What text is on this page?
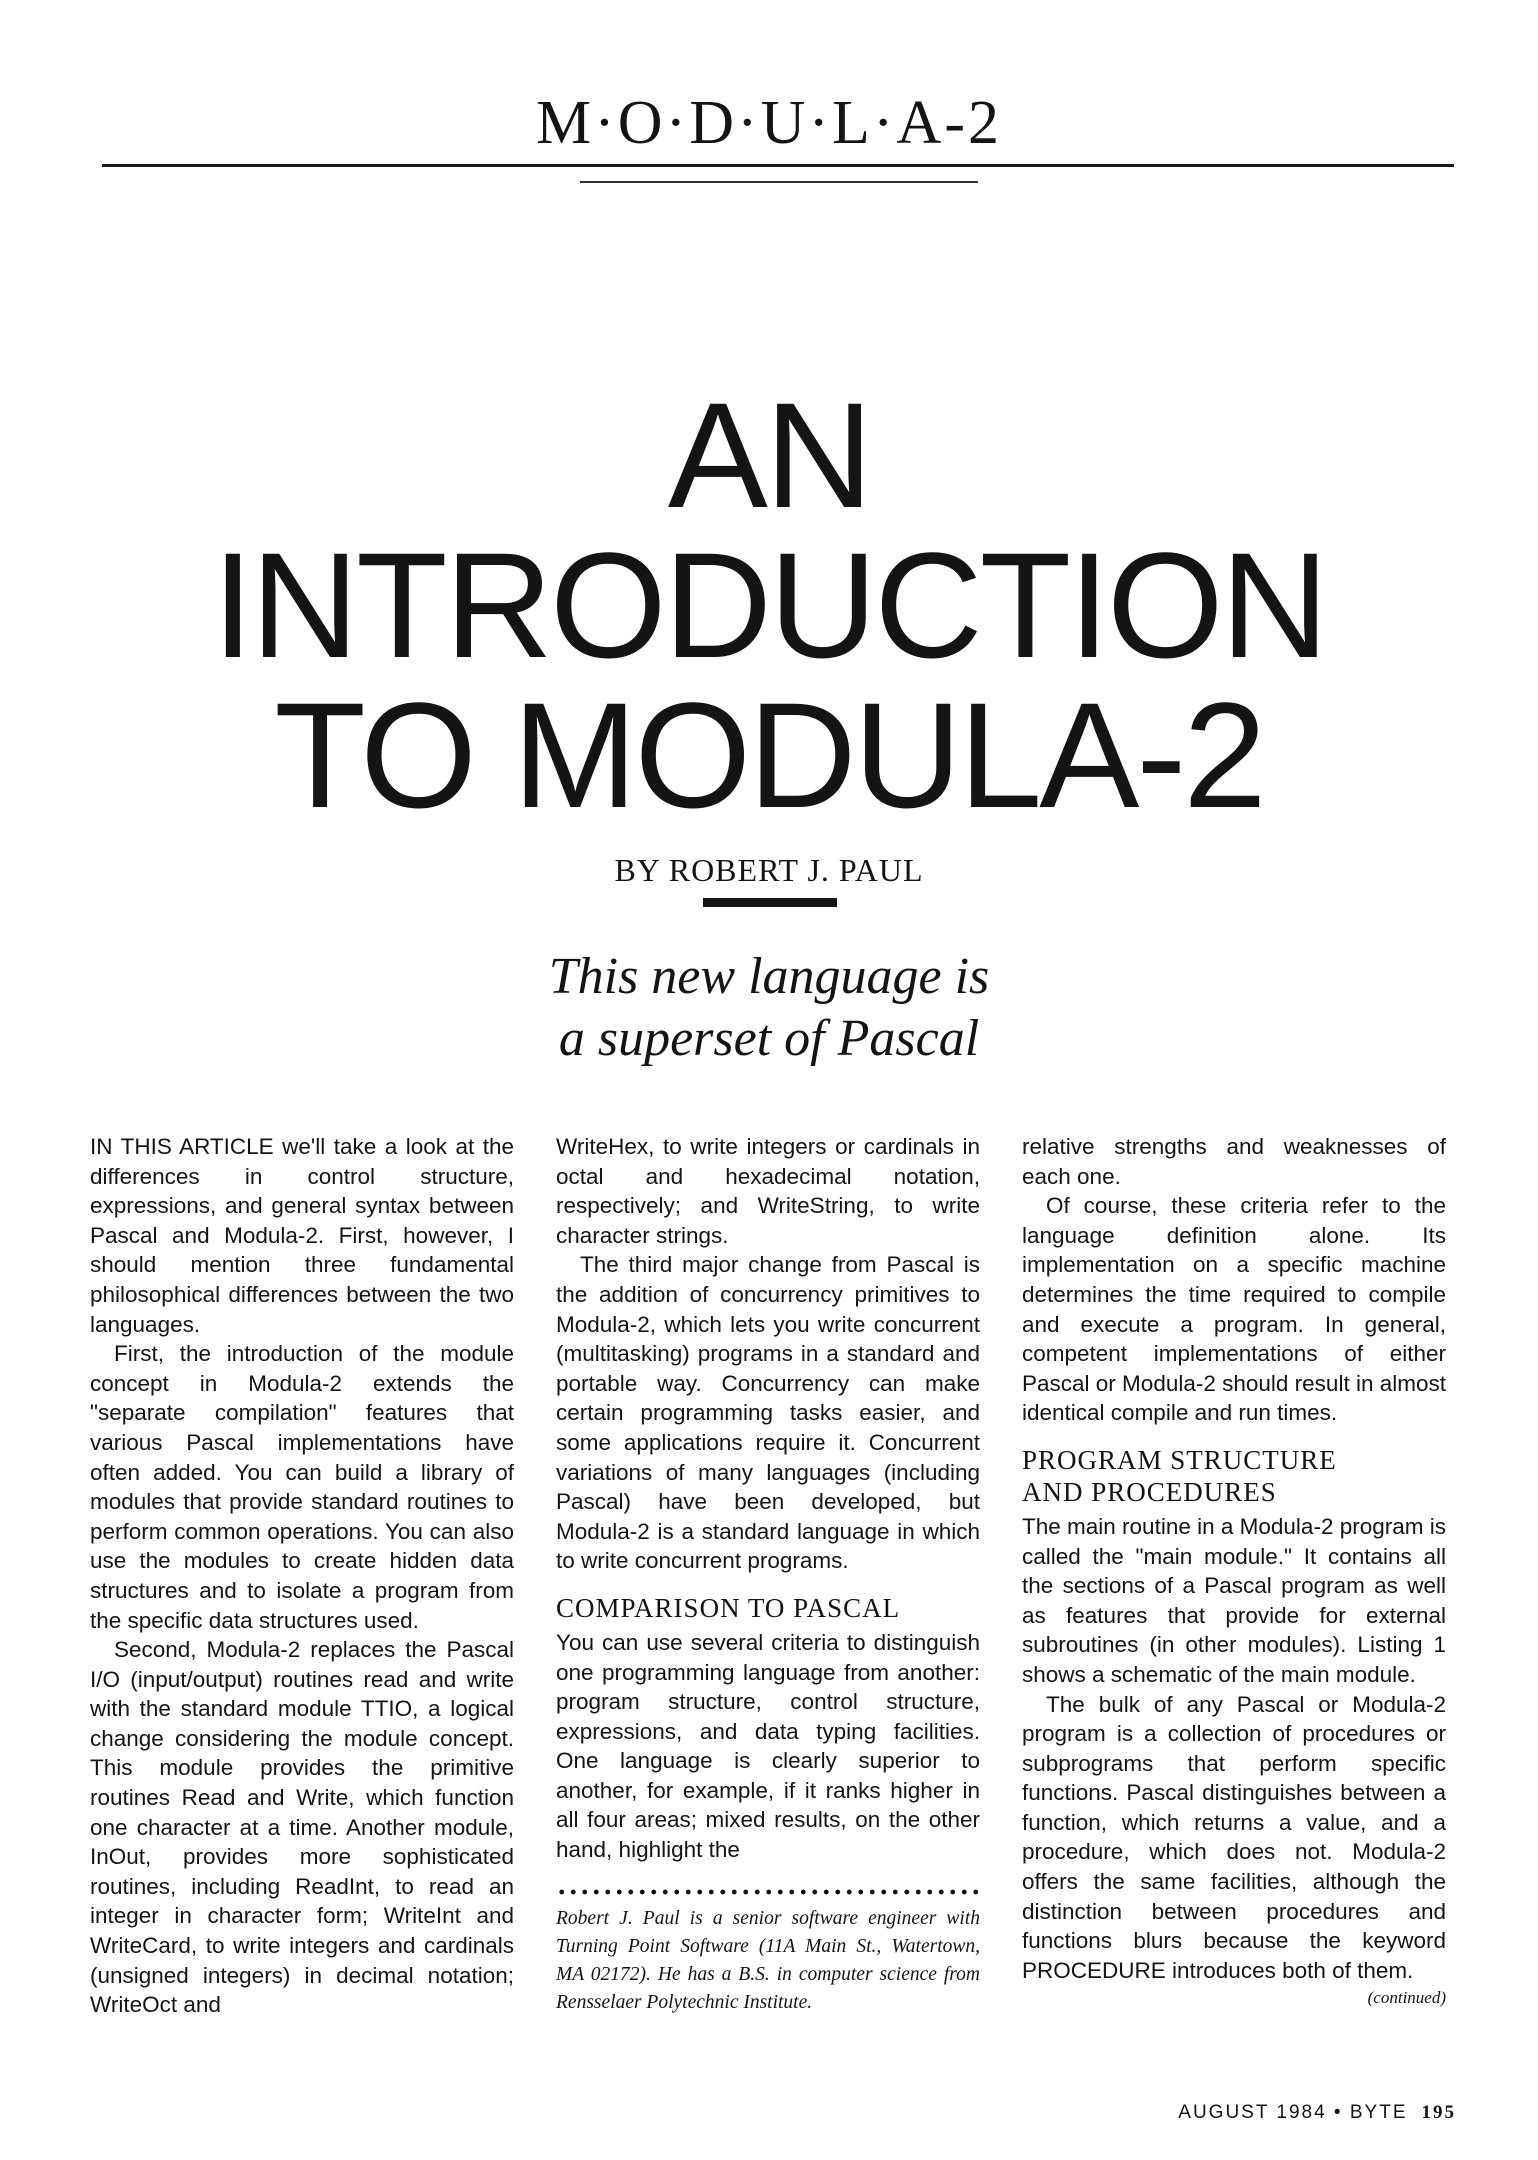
M·O·D·U·L·A-2
AN
INTRODUCTION
TO MODULA-2
BY ROBERT J. PAUL
This new language is
a superset of Pascal

IN THIS ARTICLE we'll take a look at the differences in control structure, expressions, and general syntax between Pascal and Modula-2. First, however, I should mention three fundamental philosophical differences between the two languages.

First, the introduction of the module concept in Modula-2 extends the "separate compilation" features that various Pascal implementations have often added. You can build a library of modules that provide standard routines to perform common operations. You can also use the modules to create hidden data structures and to isolate a program from the specific data structures used.

Second, Modula-2 replaces the Pascal I/O (input/output) routines read and write with the standard module TTIO, a logical change considering the module concept. This module provides the primitive routines Read and Write, which function one character at a time. Another module, InOut, provides more sophisticated routines, including ReadInt, to read an integer in character form; WriteInt and WriteCard, to write integers and cardinals (unsigned integers) in decimal notation; WriteOct and

WriteHex, to write integers or cardinals in octal and hexadecimal notation, respectively; and WriteString, to write character strings.

The third major change from Pascal is the addition of concurrency primitives to Modula-2, which lets you write concurrent (multitasking) programs in a standard and portable way. Concurrency can make certain programming tasks easier, and some applications require it. Concurrent variations of many languages (including Pascal) have been developed, but Modula-2 is a standard language in which to write concurrent programs.

COMPARISON TO PASCAL

You can use several criteria to distinguish one programming language from another: program structure, control structure, expressions, and data typing facilities. One language is clearly superior to another, for example, if it ranks higher in all four areas; mixed results, on the other hand, highlight the

Robert J. Paul is a senior software engineer with Turning Point Software (11A Main St., Watertown, MA 02172). He has a B.S. in computer science from Rensselaer Polytechnic Institute.

relative strengths and weaknesses of each one.

Of course, these criteria refer to the language definition alone. Its implementation on a specific machine determines the time required to compile and execute a program. In general, competent implementations of either Pascal or Modula-2 should result in almost identical compile and run times.

PROGRAM STRUCTURE
AND PROCEDURES

The main routine in a Modula-2 program is called the "main module." It contains all the sections of a Pascal program as well as features that provide for external subroutines (in other modules). Listing 1 shows a schematic of the main module.

The bulk of any Pascal or Modula-2 program is a collection of procedures or subprograms that perform specific functions. Pascal distinguishes between a function, which returns a value, and a procedure, which does not. Modula-2 offers the same facilities, although the distinction between procedures and functions blurs because the keyword PROCEDURE introduces both of them.

(continued)
AUGUST 1984 • BYTE 195
